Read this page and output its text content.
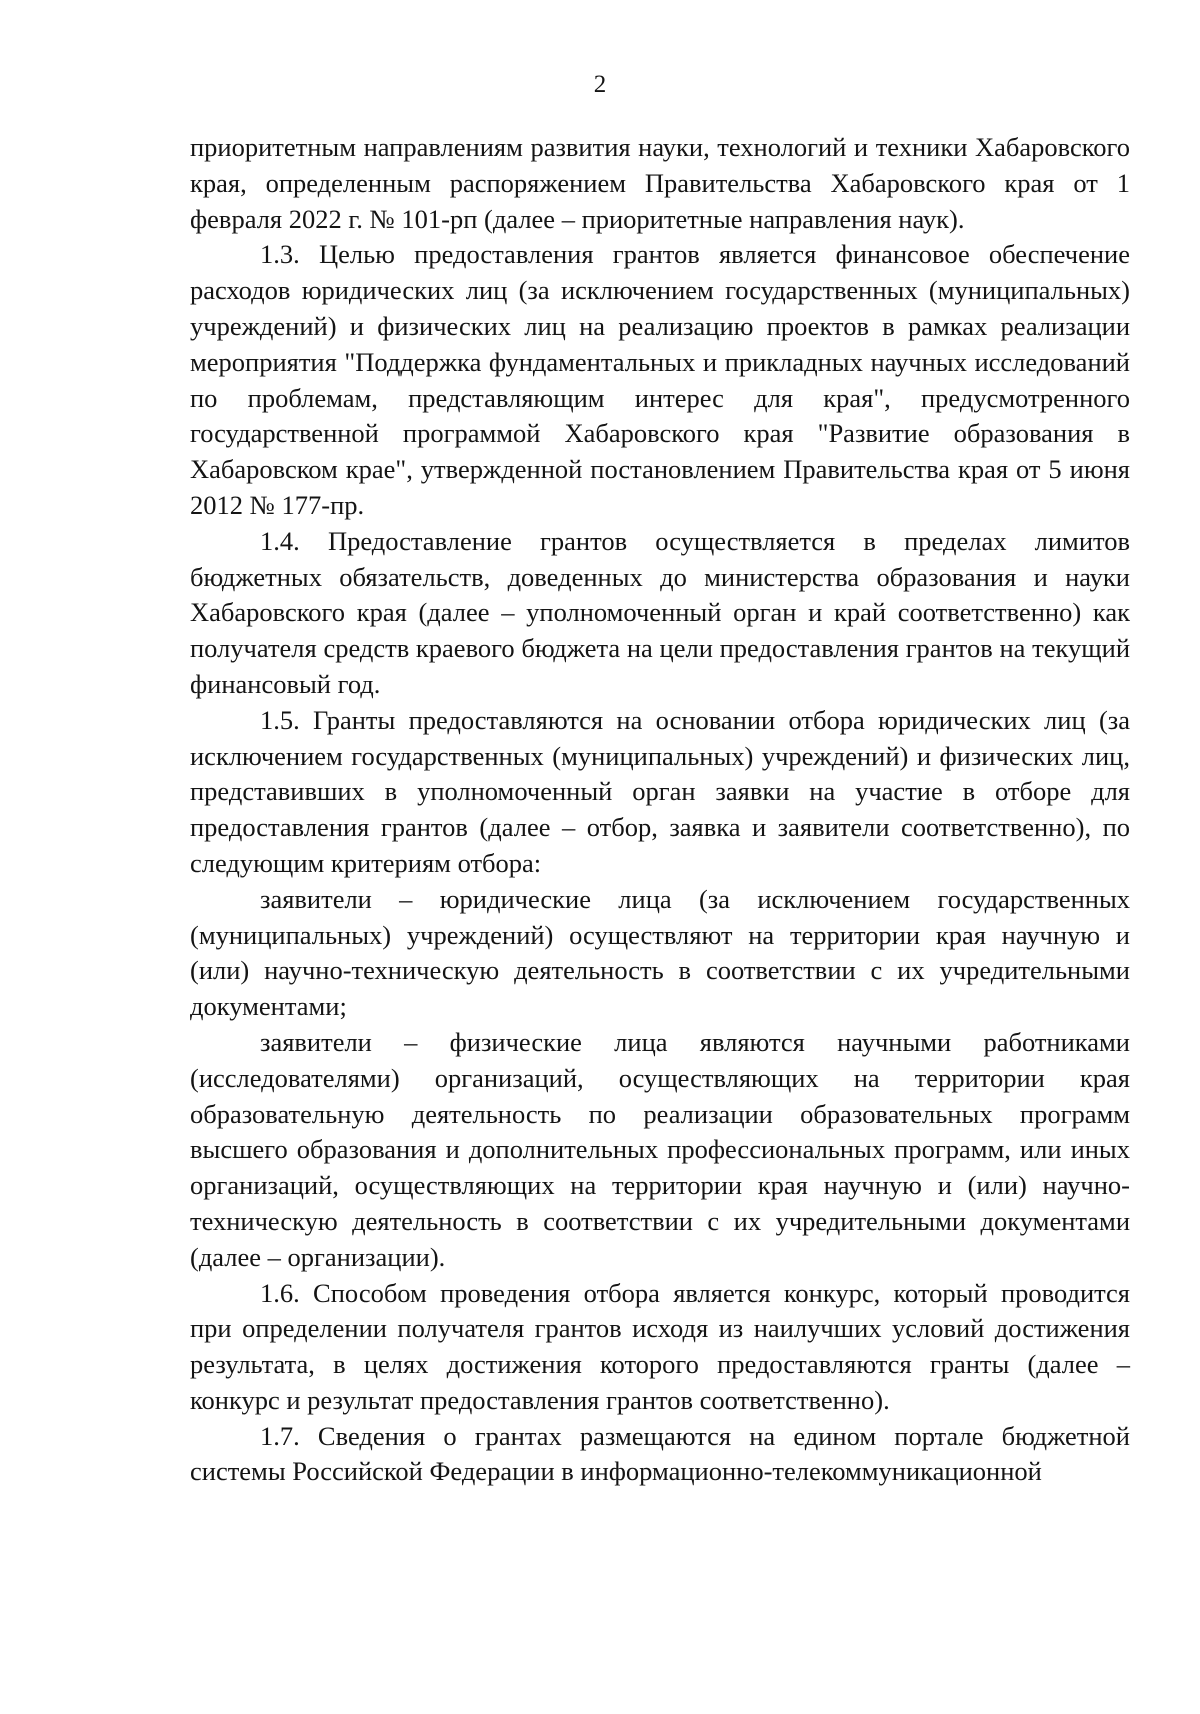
2

приоритетным направлениям развития науки, технологий и техники Хабаровского края, определенным распоряжением Правительства Хабаровского края от 1 февраля 2022 г. № 101-рп (далее – приоритетные направления наук).

1.3. Целью предоставления грантов является финансовое обеспечение расходов юридических лиц (за исключением государственных (муниципальных) учреждений) и физических лиц на реализацию проектов в рамках реализации мероприятия "Поддержка фундаментальных и прикладных научных исследований по проблемам, представляющим интерес для края", предусмотренного государственной программой Хабаровского края "Развитие образования в Хабаровском крае", утвержденной постановлением Правительства края от 5 июня 2012 № 177-пр.

1.4. Предоставление грантов осуществляется в пределах лимитов бюджетных обязательств, доведенных до министерства образования и науки Хабаровского края (далее – уполномоченный орган и край соответственно) как получателя средств краевого бюджета на цели предоставления грантов на текущий финансовый год.

1.5. Гранты предоставляются на основании отбора юридических лиц (за исключением государственных (муниципальных) учреждений) и физических лиц, представивших в уполномоченный орган заявки на участие в отборе для предоставления грантов (далее – отбор, заявка и заявители соответственно), по следующим критериям отбора:

заявители – юридические лица (за исключением государственных (муниципальных) учреждений) осуществляют на территории края научную и (или) научно-техническую деятельность в соответствии с их учредительными документами;

заявители – физические лица являются научными работниками (исследователями) организаций, осуществляющих на территории края образовательную деятельность по реализации образовательных программ высшего образования и дополнительных профессиональных программ, или иных организаций, осуществляющих на территории края научную и (или) научно-техническую деятельность в соответствии с их учредительными документами (далее – организации).

1.6. Способом проведения отбора является конкурс, который проводится при определении получателя грантов исходя из наилучших условий достижения результата, в целях достижения которого предоставляются гранты (далее – конкурс и результат предоставления грантов соответственно).

1.7. Сведения о грантах размещаются на едином портале бюджетной системы Российской Федерации в информационно-телекоммуникационной
